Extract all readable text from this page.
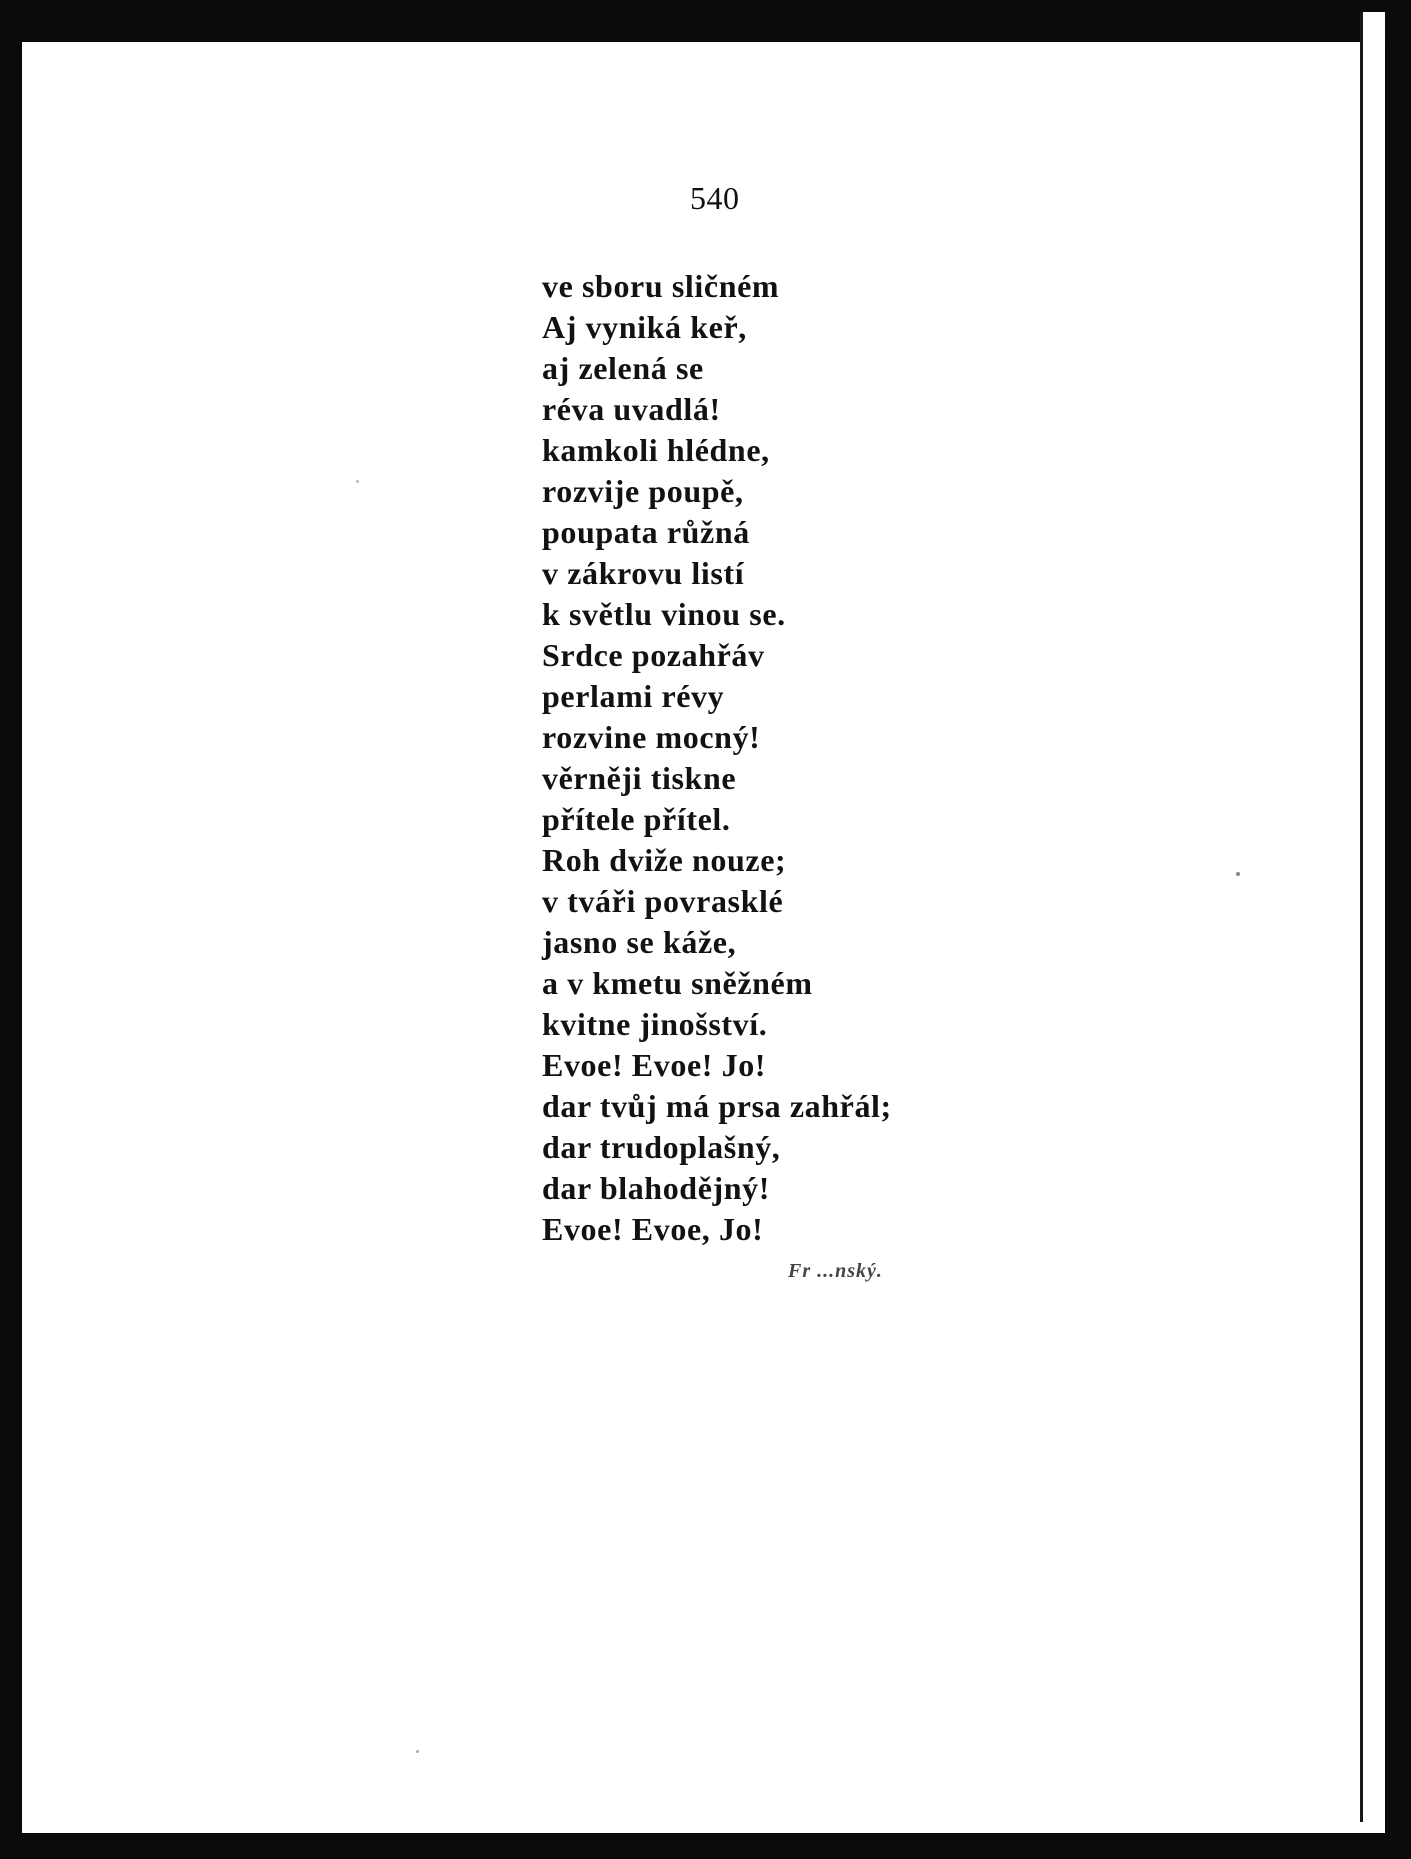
540
ve sboru sličném
Aj vyniká keř,
aj zelená se
réva uvadlá!
kamkoli hlédne,
rozvije poupě,
poupata růžná
v zákrovu listí
k světlu vinou se.
Srdce pozahřáv
perlami révy
rozvine mocný!
věrněji tiskne
přítele přítel.
Roh dviže nouze;
v tváři povrasklé
jasno se káže,
a v kmetu sněžném
kvitne jinošství.
Evoe! Evoe! Jo!
dar tvůj má prsa zahřál;
dar trudoplašný,
dar blahodějný!
Evoe! Evoe, Jo!
Fr ...nský.
